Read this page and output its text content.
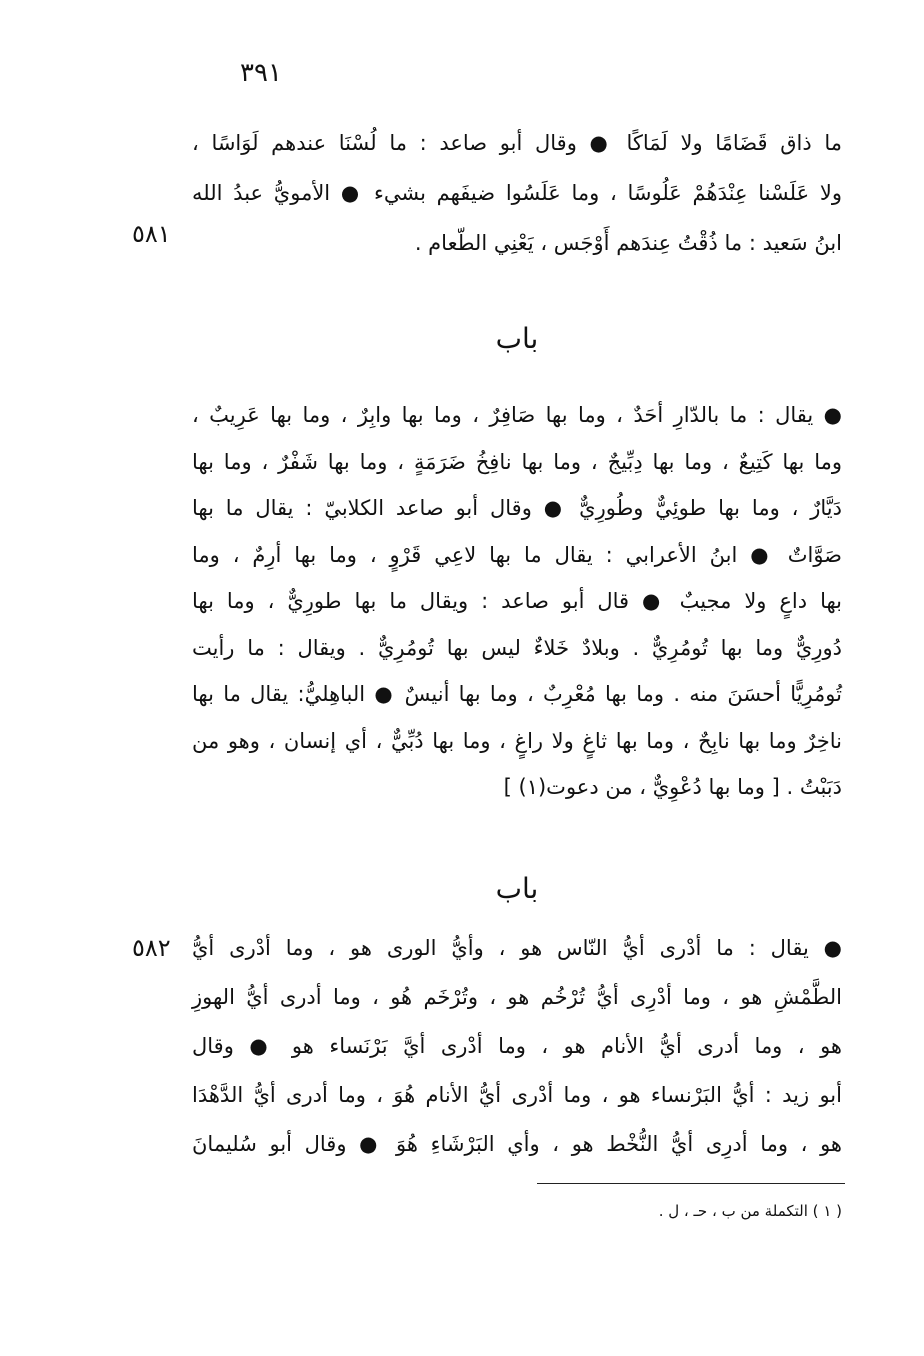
٣٩١
٥٨١
٥٨٢
ما ذاق قَضَامًا ولا لَمَاكًا ● وقال أبو صاعد : ما لُسْنَا عندهم لَوَاسًا ،
ولا عَلَسْنا عِنْدَهُمْ عَلُوسًا ، وما عَلَسُوا ضيفَهم بشيء ● الأمويُّ عبدُ الله
ابنُ سَعيد : ما ذُقْتُ عِندَهم أَوْجَس ، يَعْنِي الطّعام .
باب
● يقال : ما بالدّارِ أحَدٌ ، وما بها صَافِرٌ ، وما بها وابِرٌ ، وما بها عَرِيبٌ ،
وما بها كَتِيعٌ ، وما بها دِبِّيجٌ ، وما بها نافِخُ ضَرَمَةٍ ، وما بها شَفْرٌ ، وما بها
دَيَّارٌ ، وما بها طوئِيٌّ وطُورِيٌّ ● وقال أبو صاعد الكلابيّ : يقال ما بها
صَوَّاتٌ ● ابنُ الأعرابي : يقال ما بها لاعِي قَرْوٍ ، وما بها أرِمٌ ، وما
بها داعٍ ولا مجيبٌ ● قال أبو صاعد : ويقال ما بها طورِيٌّ ، وما بها
دُورِيٌّ وما بها تُومُرِيٌّ . وبلادٌ خَلاءٌ ليس بها تُومُرِيٌّ . ويقال : ما رأيت
تُومُرِيًّا أحسَنَ منه . وما بها مُعْرِبٌ ، وما بها أنيسٌ ● الباهِليُّ: يقال ما بها
ناخِرٌ وما بها نابِحٌ ، وما بها ثاغٍ ولا راغٍ ، وما بها دُبِّيٌّ ، أي إنسان ، وهو من
دَبَبْتُ . [ وما بها دُعْوِيٌّ ، من دعوت(١) ]
باب
● يقال : ما أدْرى أيُّ النّاس هو ، وأيُّ الورى هو ، وما أدْرى أيُّ
الطَّمْشِ هو ، وما أدْرِى أيُّ تُرْخُم هو ، وتُرْخَم هُو ، وما أدرى أيُّ الهوزِ
هو ، وما أدرى أيُّ الأنام هو ، وما أدْرى أيَّ بَرْنَساء هو ● وقال
أبو زيد : أيُّ البَرْنساء هو ، وما أدْرى أيُّ الأنام هُوَ ، وما أدرى أيُّ الدَّهْدَا
هو ، وما أدرِى أيُّ النُّخْط هو ، وأي البَرْشَاءِ هُوَ ● وقال أبو سُليمانَ
( ١ ) التكملة من ب ، حـ ، ل .
